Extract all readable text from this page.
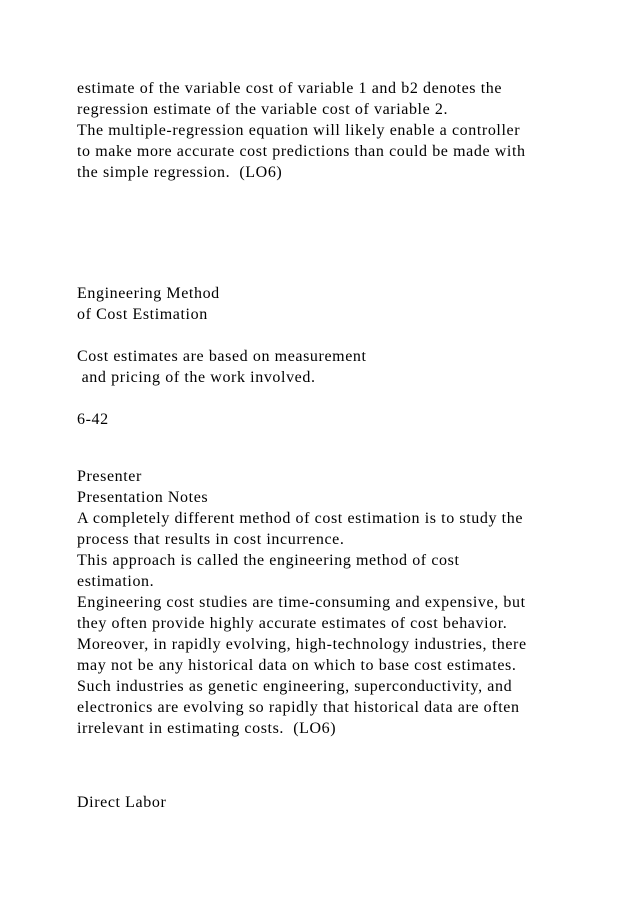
estimate of the variable cost of variable 1 and b2 denotes the
regression estimate of the variable cost of variable 2.
The multiple-regression equation will likely enable a controller
to make more accurate cost predictions than could be made with
the simple regression.  (LO6)
Engineering Method
of Cost Estimation
Cost estimates are based on measurement
and pricing of the work involved.
6-42
Presenter
Presentation Notes
A completely different method of cost estimation is to study the
process that results in cost incurrence.
This approach is called the engineering method of cost
estimation.
Engineering cost studies are time-consuming and expensive, but
they often provide highly accurate estimates of cost behavior.
Moreover, in rapidly evolving, high-technology industries, there
may not be any historical data on which to base cost estimates.
Such industries as genetic engineering, superconductivity, and
electronics are evolving so rapidly that historical data are often
irrelevant in estimating costs.  (LO6)
Direct Labor
